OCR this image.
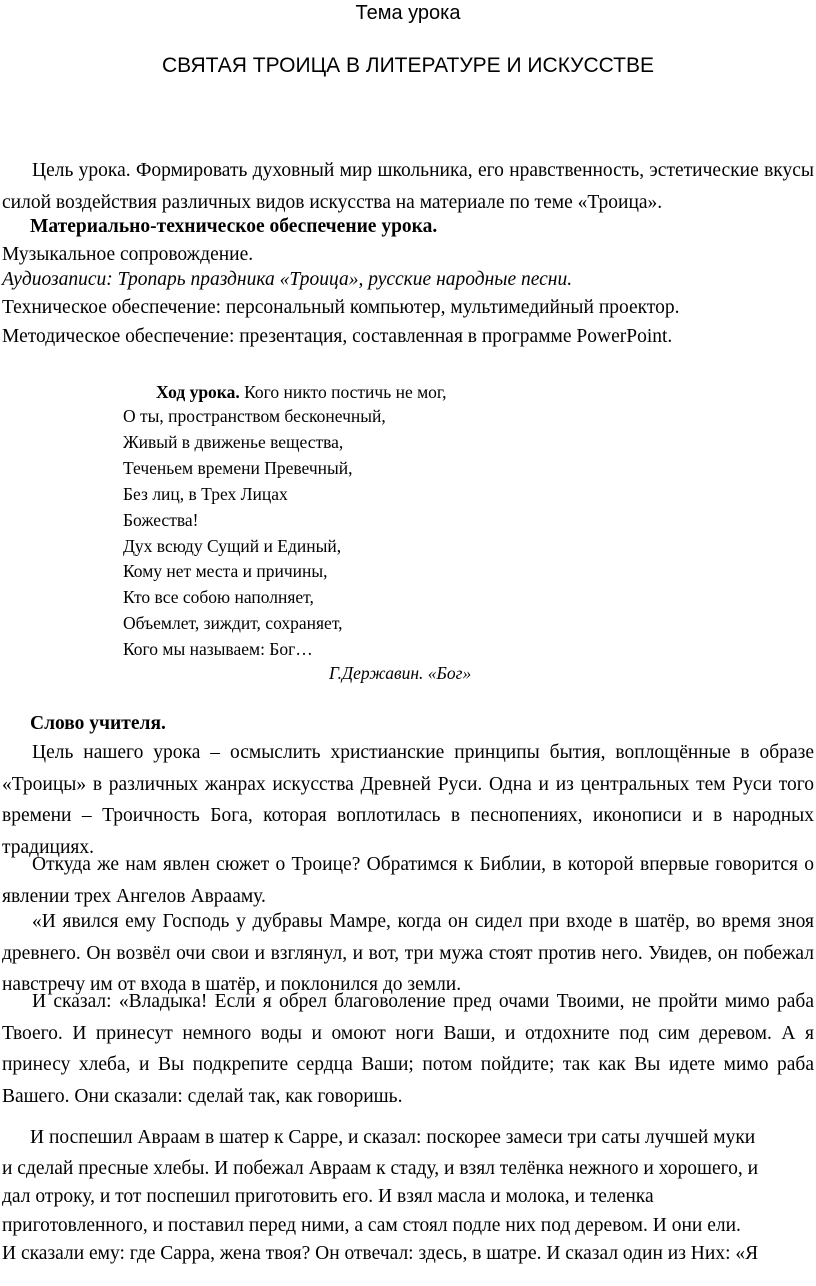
Тема урока
СВЯТАЯ ТРОИЦА В ЛИТЕРАТУРЕ И ИСКУССТВЕ
Цель урока. Формировать духовный мир школьника, его нравственность, эстетические вкусы силой воздействия различных видов искусства на материале по теме «Троица».
Материально-техническое обеспечение урока.
Музыкальное сопровождение.
Аудиозаписи: Тропарь праздника «Троица», русские народные песни.
Техническое обеспечение: персональный компьютер, мультимедийный проектор.
Методическое обеспечение: презентация, составленная в программе PowerPoint.
Ход урока. Кого никто постичь не мог,
О ты, пространством бесконечный,
Живый в движенье вещества,
Теченьем времени Превечный,
Без лиц, в Трех Лицах
Божества!
Дух всюду Сущий и Единый,
Кому нет места и причины,
Кто все собою наполняет,
Объемлет, зиждит, сохраняет,
Кого мы называем: Бог…
Г.Державин. «Бог»
Слово учителя.
Цель нашего урока – осмыслить христианские принципы бытия, воплощённые в образе «Троицы» в различных жанрах искусства Древней Руси. Одна и из центральных тем Руси того времени – Троичность Бога, которая воплотилась в песнопениях, иконописи и в народных традициях.
Откуда же нам явлен сюжет о Троице? Обратимся к Библии, в которой впервые говорится о явлении трех Ангелов Аврааму.
«И явился ему Господь у дубравы Мамре, когда он сидел при входе в шатёр, во время зноя древнего. Он возвёл очи свои и взглянул, и вот, три мужа стоят против него. Увидев, он побежал навстречу им от входа в шатёр, и поклонился до земли.
И сказал: «Владыка! Если я обрел благоволение пред очами Твоими, не пройти мимо раба Твоего. И принесут немного воды и омоют ноги Ваши, и отдохните под сим деревом. А я принесу хлеба, и Вы подкрепите сердца Ваши; потом пойдите; так как Вы идете мимо раба Вашего. Они сказали: сделай так, как говоришь.
И поспешил Авраам в шатер к Сарре, и сказал: поскорее замеси три саты лучшей муки
и сделай пресные хлебы. И побежал Авраам к стаду, и взял телёнка нежного и хорошего, и
дал отроку, и тот поспешил приготовить его. И взял масла и молока, и теленка
приготовленного, и поставил перед ними, а сам стоял подле них под деревом. И они ели.
И сказали ему: где Сарра, жена твоя? Он отвечал: здесь, в шатре. И сказал один из Них: «Я
